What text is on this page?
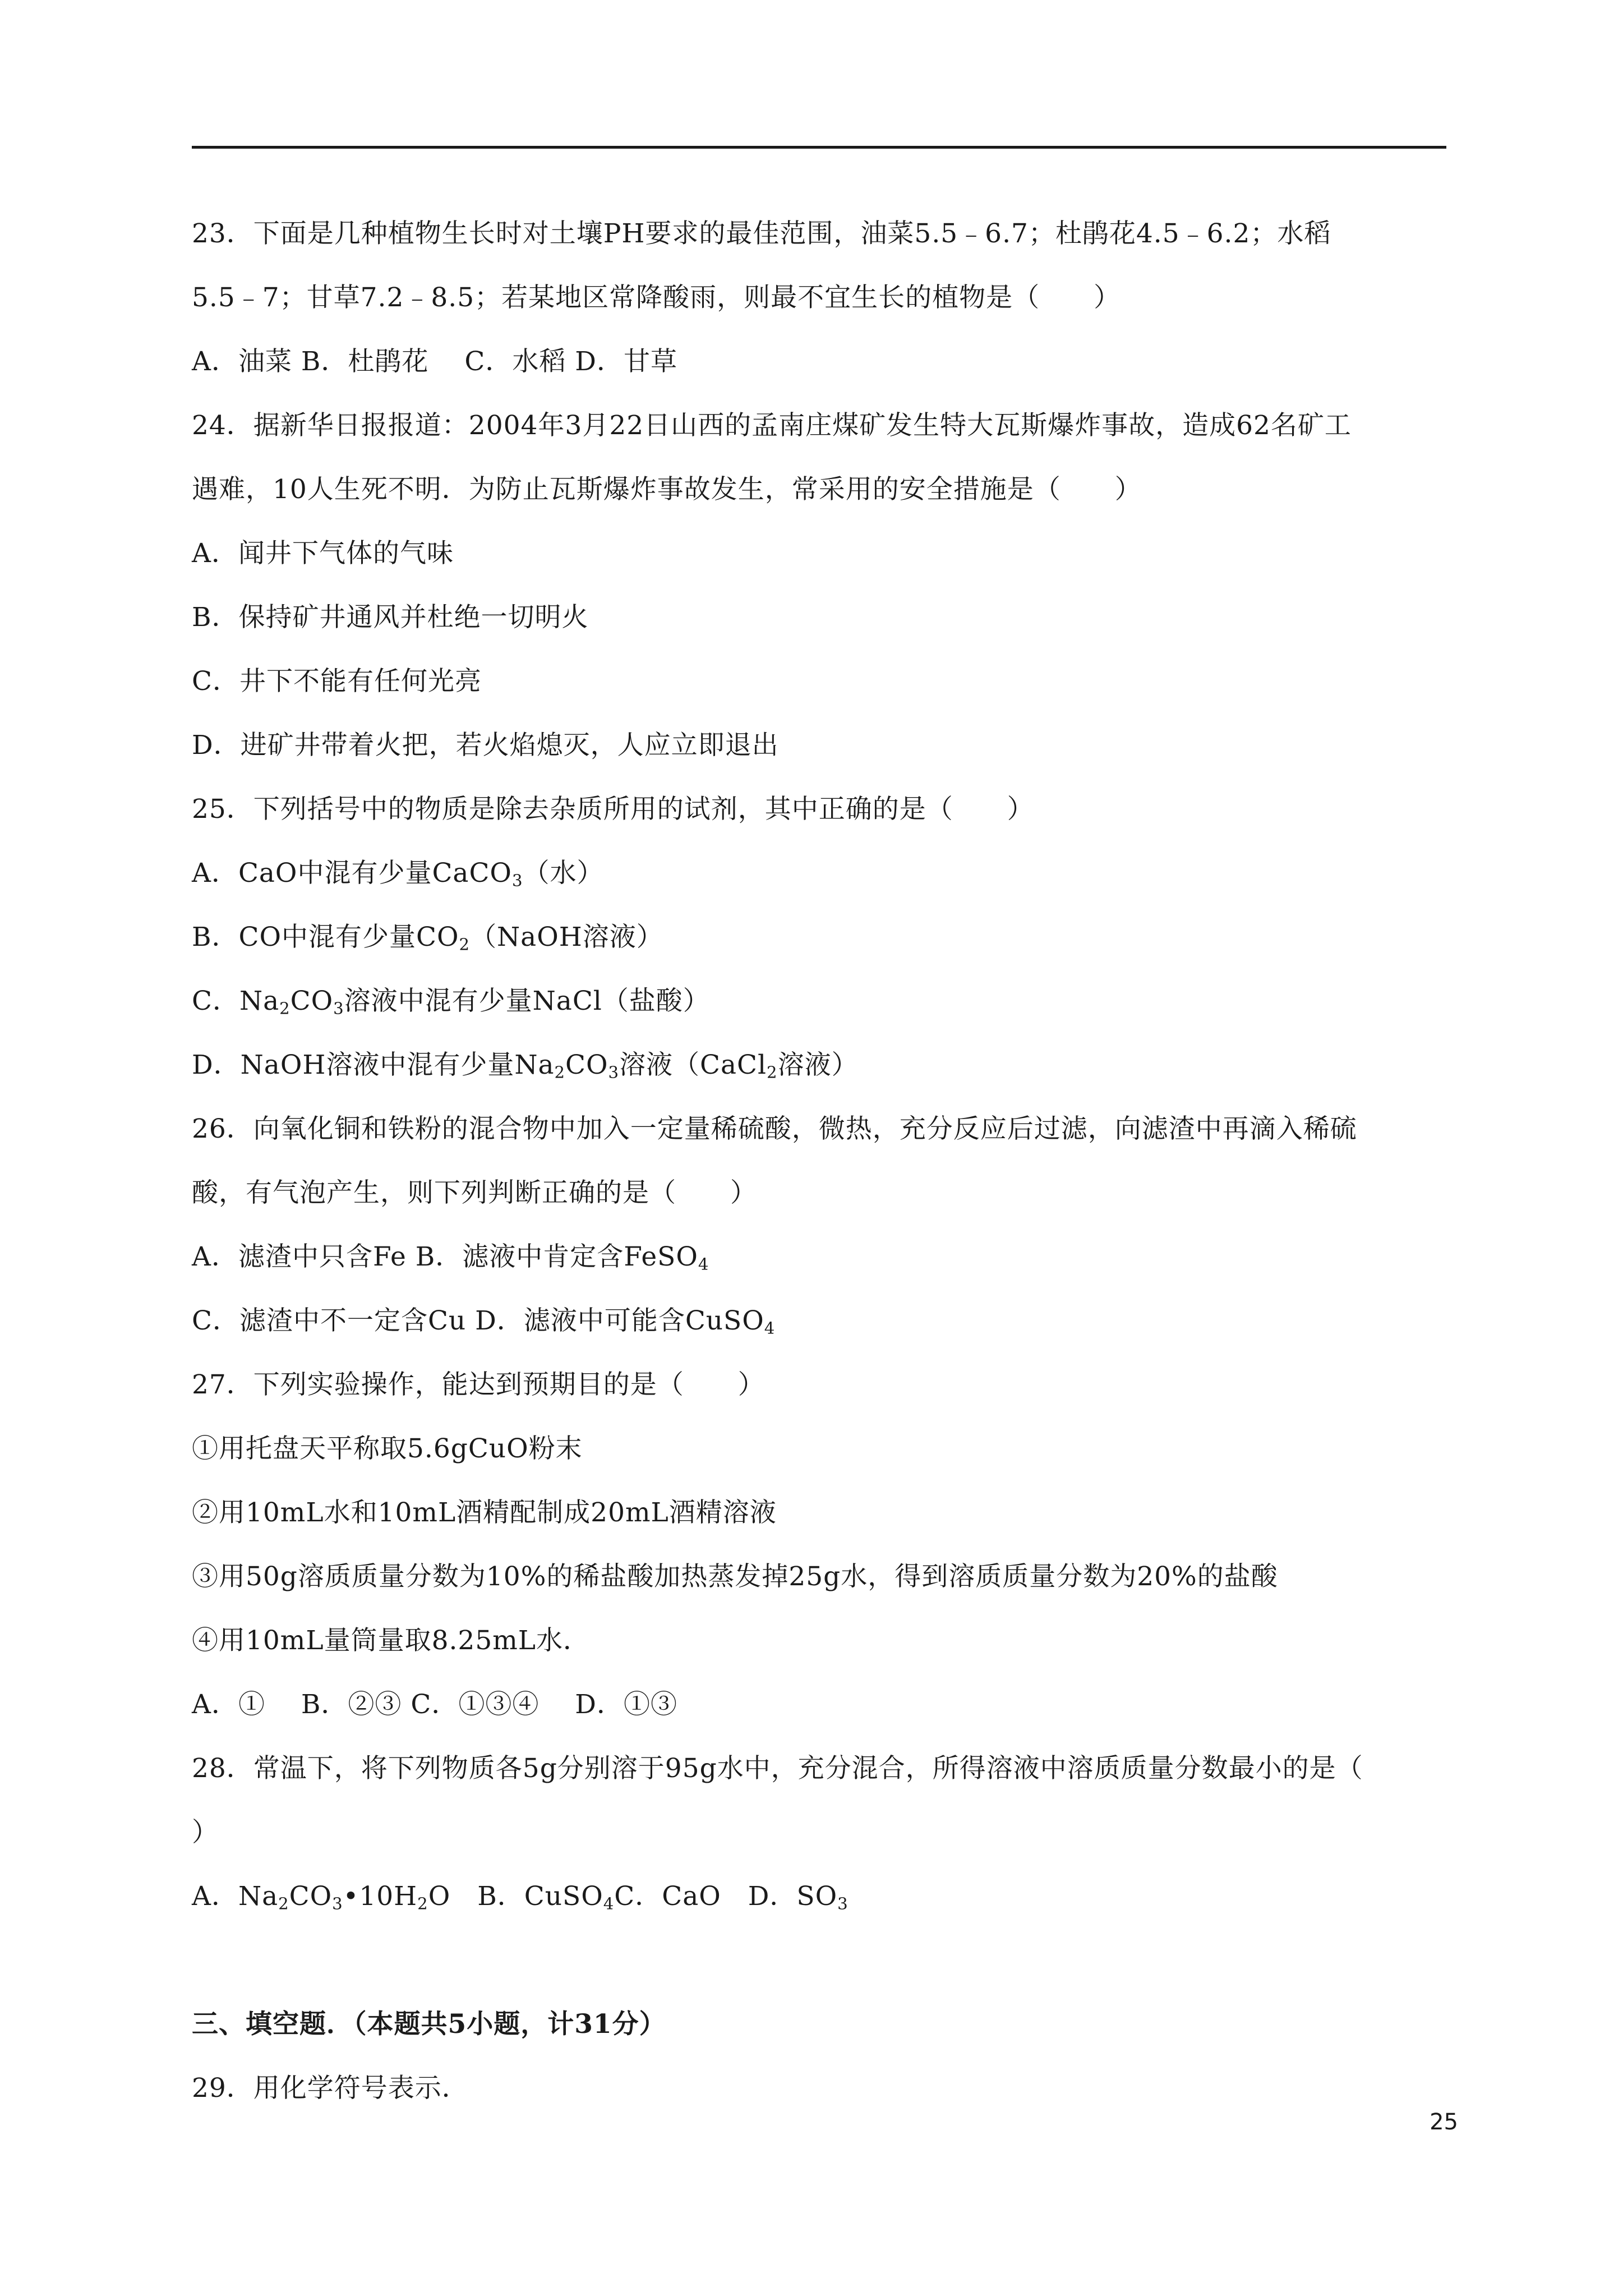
23．下面是几种植物生长时对土壤PH要求的最佳范围，油菜5.5﹣6.7；杜鹃花4.5﹣6.2；水稻
5.5﹣7；甘草7.2﹣8.5；若某地区常降酸雨，则最不宜生长的植物是（　　）
A．油菜 B．杜鹃花　 C．水稻 D．甘草
24．据新华日报报道：2004年3月22日山西的孟南庄煤矿发生特大瓦斯爆炸事故，造成62名矿工
遇难，10人生死不明．为防止瓦斯爆炸事故发生，常采用的安全措施是（　　）
A．闻井下气体的气味
B．保持矿井通风并杜绝一切明火
C．井下不能有任何光亮
D．进矿井带着火把，若火焰熄灭，人应立即退出
25．下列括号中的物质是除去杂质所用的试剂，其中正确的是（　　）
A．CaO中混有少量CaCO$_3$（水）
B．CO中混有少量$CO_2(NaOH$溶液）
C．$Na_2CO_3$溶液中混有少量NaCl（盐酸）
D．NaOH溶液中混有少量$Na_2CO_3$溶液（CaCl$_2$溶液）
26．向氧化铜和铁粉的混合物中加入一定量稀硫酸，微热，充分反应后过滤，向滤渣中再滴入稀硫
酸，有气泡产生，则下列判断正确的是（　　）
A．滤渣中只含Fe B．滤液中肯定含FeSO$_4$
C．滤渣中不一定含Cu D．滤液中可能含CuSO$_4$
27．下列实验操作，能达到预期目的是（　　）
①用托盘天平称取5.6gCuO粉末
②用10mL水和10mL酒精配制成20mL酒精溶液
③用50g溶质质量分数为10%的稀盐酸加热蒸发掉25g水，得到溶质质量分数为20%的盐酸
④用10mL量筒量取8.25mL水．
A．①　 B．②③ C．①③④　 D．①③
28．常温下，将下列物质各5g分别溶于95g水中，充分混合，所得溶液中溶质质量分数最小的是（
）
A．$Na_2CO_3•10H_2O$　B．CuSO$_4$C．CaO　D．$SO_3$
三、填空题．（本题共5小题，计31分）
29．用化学符号表示．
25
